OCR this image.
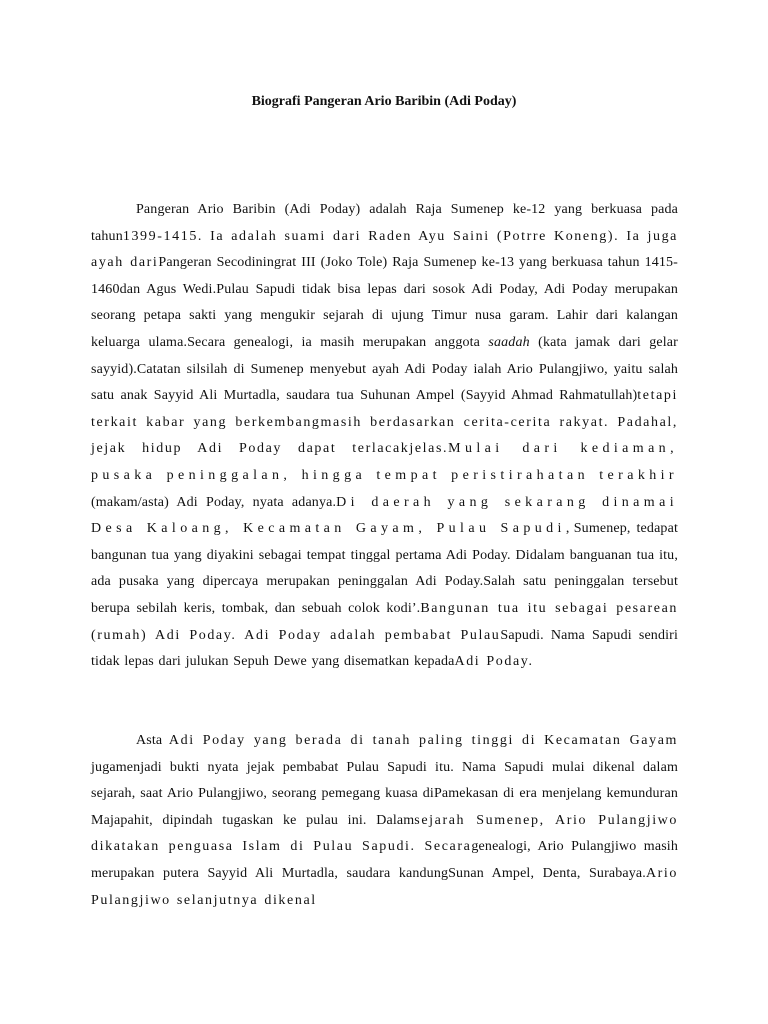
Biografi Pangeran Ario Baribin (Adi Poday)

Pangeran Ario Baribin (Adi Poday) adalah Raja Sumenep ke-12 yang berkuasa pada tahun1399-1415. Ia adalah suami dari Raden Ayu Saini (Potrre Koneng). Ia juga ayah dariPangeran Secodiningrat III (Joko Tole) Raja Sumenep ke-13 yang berkuasa tahun 1415-1460dan Agus Wedi.Pulau Sapudi tidak bisa lepas dari sosok Adi Poday, Adi Poday merupakan seorang petapa sakti yang mengukir sejarah di ujung Timur nusa garam. Lahir dari kalangan keluarga ulama.Secara genealogi, ia masih merupakan anggota saadah (kata jamak dari gelar sayyid).Catatan silsilah di Sumenep menyebut ayah Adi Poday ialah Ario Pulangjiwo, yaitu salah satu anak Sayyid Ali Murtadla, saudara tua Suhunan Ampel (Sayyid Ahmad Rahmatullah)tetapi terkait kabar yang berkembangmasih berdasarkan cerita-cerita rakyat. Padahal, jejak hidup Adi Poday dapat terlacakjelas.Mulai dari kediaman, pusaka peninggalan, hingga tempat peristirahatan terakhir (makam/asta) Adi Poday, nyata adanya.Di daerah yang sekarang dinamai Desa Kaloang, Kecamatan Gayam, Pulau Sapudi,Sumenep, tedapat bangunan tua yang diyakini sebagai tempat tinggal pertama Adi Poday. Didalam banguanan tua itu, ada pusaka yang dipercaya merupakan peninggalan Adi Poday.Salah satu peninggalan tersebut berupa sebilah keris, tombak, dan sebuah colok kodi’.Bangunan tua itu sebagai pesarean (rumah) Adi Poday. Adi Poday adalah pembabat PulauSapudi. Nama Sapudi sendiri tidak lepas dari julukan Sepuh Dewe yang disematkan kepadaAdi Poday.

Asta Adi Poday yang berada di tanah paling tinggi di Kecamatan Gayam jugamenjadi bukti nyata jejak pembabat Pulau Sapudi itu. Nama Sapudi mulai dikenal dalam sejarah, saat Ario Pulangjiwo, seorang pemegang kuasa diPamekasan di era menjelang kemunduran Majapahit, dipindah tugaskan ke pulau ini. Dalamsejarah Sumenep, Ario Pulangjiwo dikatakan penguasa Islam di Pulau Sapudi. Secaragenealogi, Ario Pulangjiwo masih merupakan putera Sayyid Ali Murtadla, saudara kandungSunan Ampel, Denta, Surabaya.Ario Pulangjiwo selanjutnya dikenal
